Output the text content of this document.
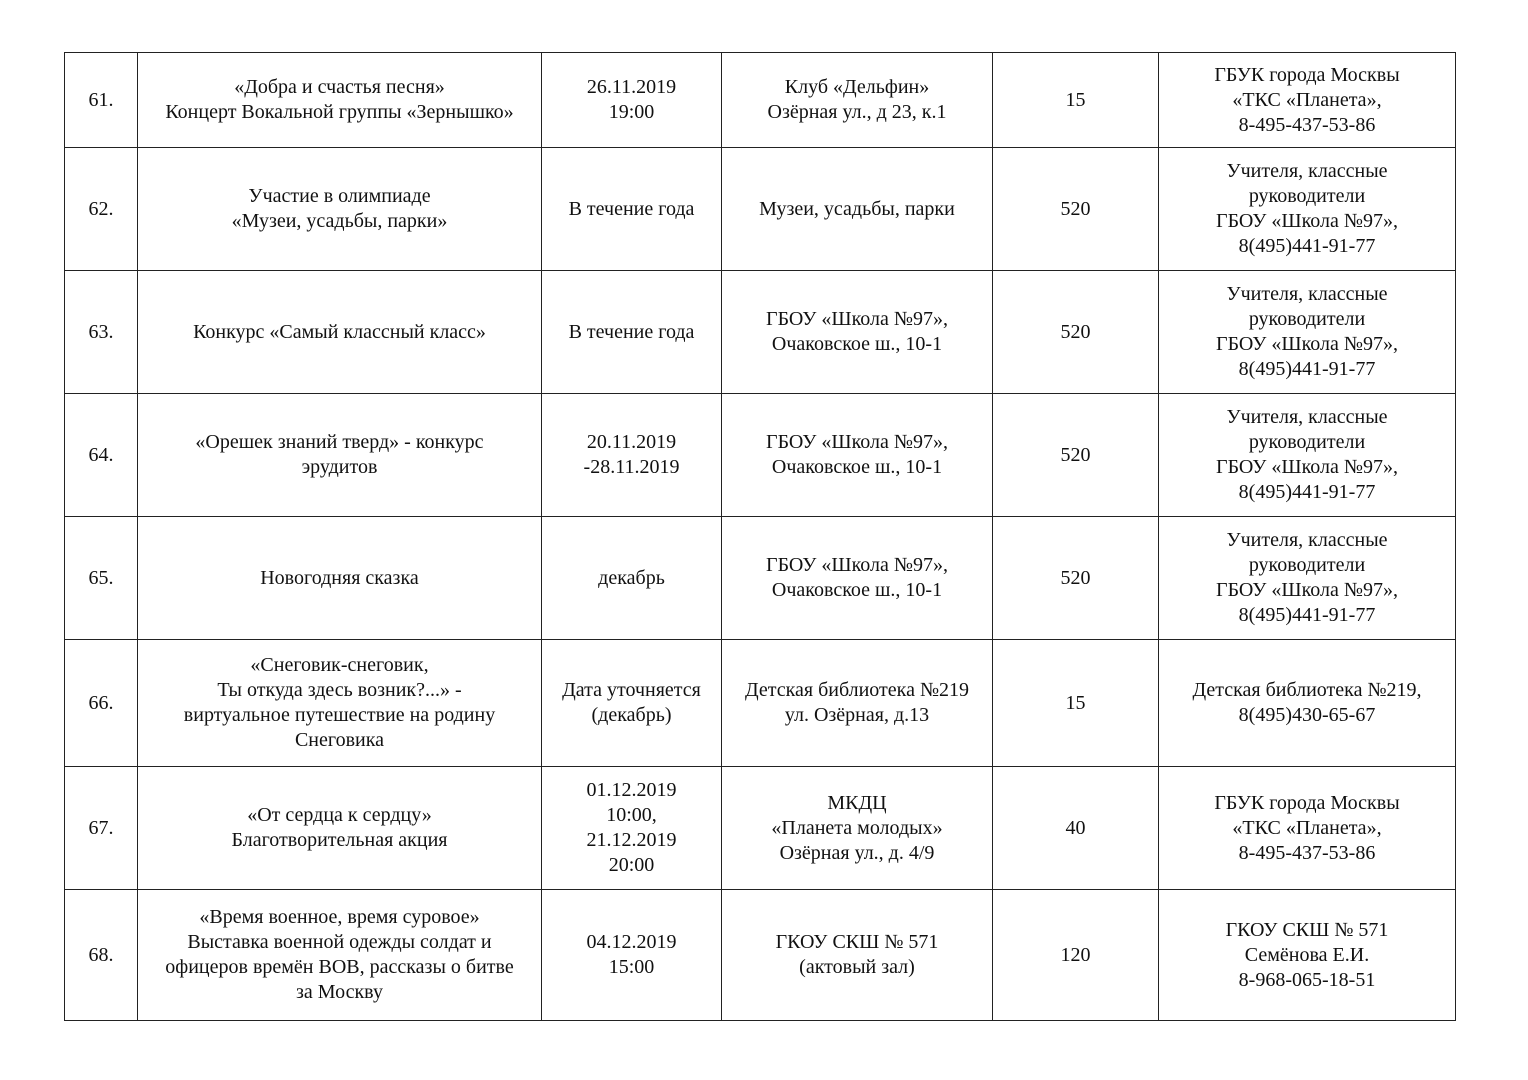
61.	«Добра и счастья песня»
Концерт Вокальной группы «Зернышко»	26.11.2019
19:00	Клуб «Дельфин»
Озёрная ул., д 23, к.1	15	ГБУК города Москвы
«ТКС «Планета»,
8-495-437-53-86

62.	Участие в олимпиаде
«Музеи, усадьбы, парки»	В течение года	Музеи, усадьбы, парки	520	Учителя, классные
руководители
ГБОУ «Школа №97»,
8(495)441-91-77

63.	Конкурс «Самый классный класс»	В течение года	ГБОУ «Школа №97»,
Очаковское ш., 10-1	520	Учителя, классные
руководители
ГБОУ «Школа №97»,
8(495)441-91-77

64.	«Орешек знаний тверд» - конкурс
эрудитов	20.11.2019
-28.11.2019	ГБОУ «Школа №97»,
Очаковское ш., 10-1	520	Учителя, классные
руководители
ГБОУ «Школа №97»,
8(495)441-91-77

65.	Новогодняя сказка	декабрь	ГБОУ «Школа №97»,
Очаковское ш., 10-1	520	Учителя, классные
руководители
ГБОУ «Школа №97»,
8(495)441-91-77

66.	«Снеговик-снеговик,
Ты откуда здесь возник?...» -
виртуальное путешествие на родину
Снеговика	Дата уточняется
(декабрь)	Детская библиотека №219
ул. Озёрная, д.13	15	Детская библиотека №219,
8(495)430-65-67

67.	«От сердца к сердцу»
Благотворительная акция	01.12.2019
10:00,
21.12.2019
20:00	МКДЦ
«Планета молодых»
Озёрная ул., д. 4/9	40	ГБУК города Москвы
«ТКС «Планета»,
8-495-437-53-86

68.	«Время военное, время суровое»
Выставка военной одежды солдат и
офицеров времён ВОВ, рассказы о битве
за Москву	04.12.2019
15:00	ГКОУ СКШ № 571
(актовый зал)	120	ГКОУ СКШ № 571
Семёнова Е.И.
8-968-065-18-51
